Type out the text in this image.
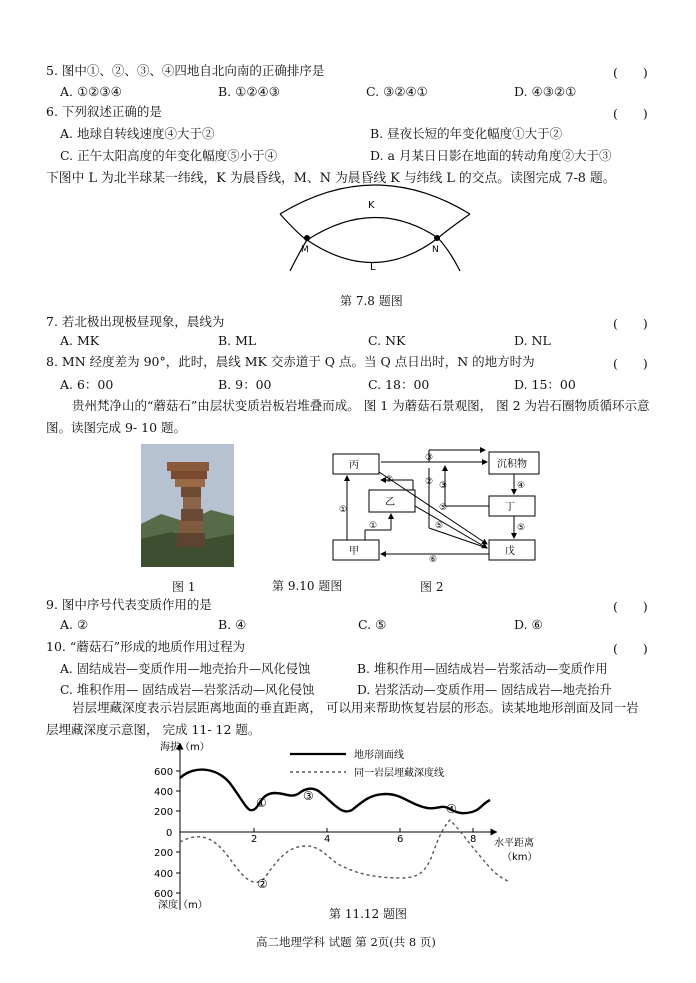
5. 图中①、②、③、④四地自北向南的正确排序是	(　　)
A. ①②③④	B. ①②④③	C. ③②④①	D. ④③②①
6. 下列叙述正确的是	(　　)
A. 地球自转线速度④大于②	B. 昼夜长短的年变化幅度①大于②
C. 正午太阳高度的年变化幅度⑤小于④	D. a 月某日日影在地面的转动角度②大于③
下图中 L 为北半球某一纬线，K 为晨昏线，M、N 为晨昏线 K 与纬线 L 的交点。读图完成 7-8 题。
K
L
M	N
第 7.8 题图
7. 若北极出现极昼现象，晨线为	(　　)
A. MK	B. ML	C. NK	D. NL
8. MN 经度差为 90°，此时，晨线 MK 交赤道于 Q 点。当 Q 点日出时，N 的地方时为	(　　)
A. 6：00	B. 9：00	C. 18：00	D. 15：00
贵州梵净山的“蘑菇石”由层状变质岩板岩堆叠而成。 图 1 为蘑菇石景观图， 图 2 为岩石圈物质循环示意图。读图完成 9- 10 题。
丙
乙
甲
沉积物
丁
戊
①
①
②	②
③
③	④
⑤
⑤
⑤
⑥
图 1	第 9.10 题图	图 2
9. 图中序号代表变质作用的是	(　　)
A. ②	B. ④	C. ⑤	D. ⑥
10. “蘑菇石”形成的地质作用过程为	(　　)
A. 固结成岩—变质作用—地壳抬升—风化侵蚀	B. 堆积作用—固结成岩—岩浆活动—变质作用
C. 堆积作用— 固结成岩—岩浆活动—风化侵蚀	D. 岩浆活动—变质作用— 固结成岩—地壳抬升
岩层埋藏深度表示岩层距离地面的垂直距离， 可以用来帮助恢复岩层的形态。读某地地形剖面及同一岩层埋藏深度示意图， 完成 11- 12 题。
600
400
200
0
200
400
600
2	4	6	8
海拔（m）
深度（m）
水平距离
（km）
地形剖面线
同一岩层埋藏深度线
①
②
③
④
第 11.12 题图
高二地理学科 试题 第 2页(共 8 页)
